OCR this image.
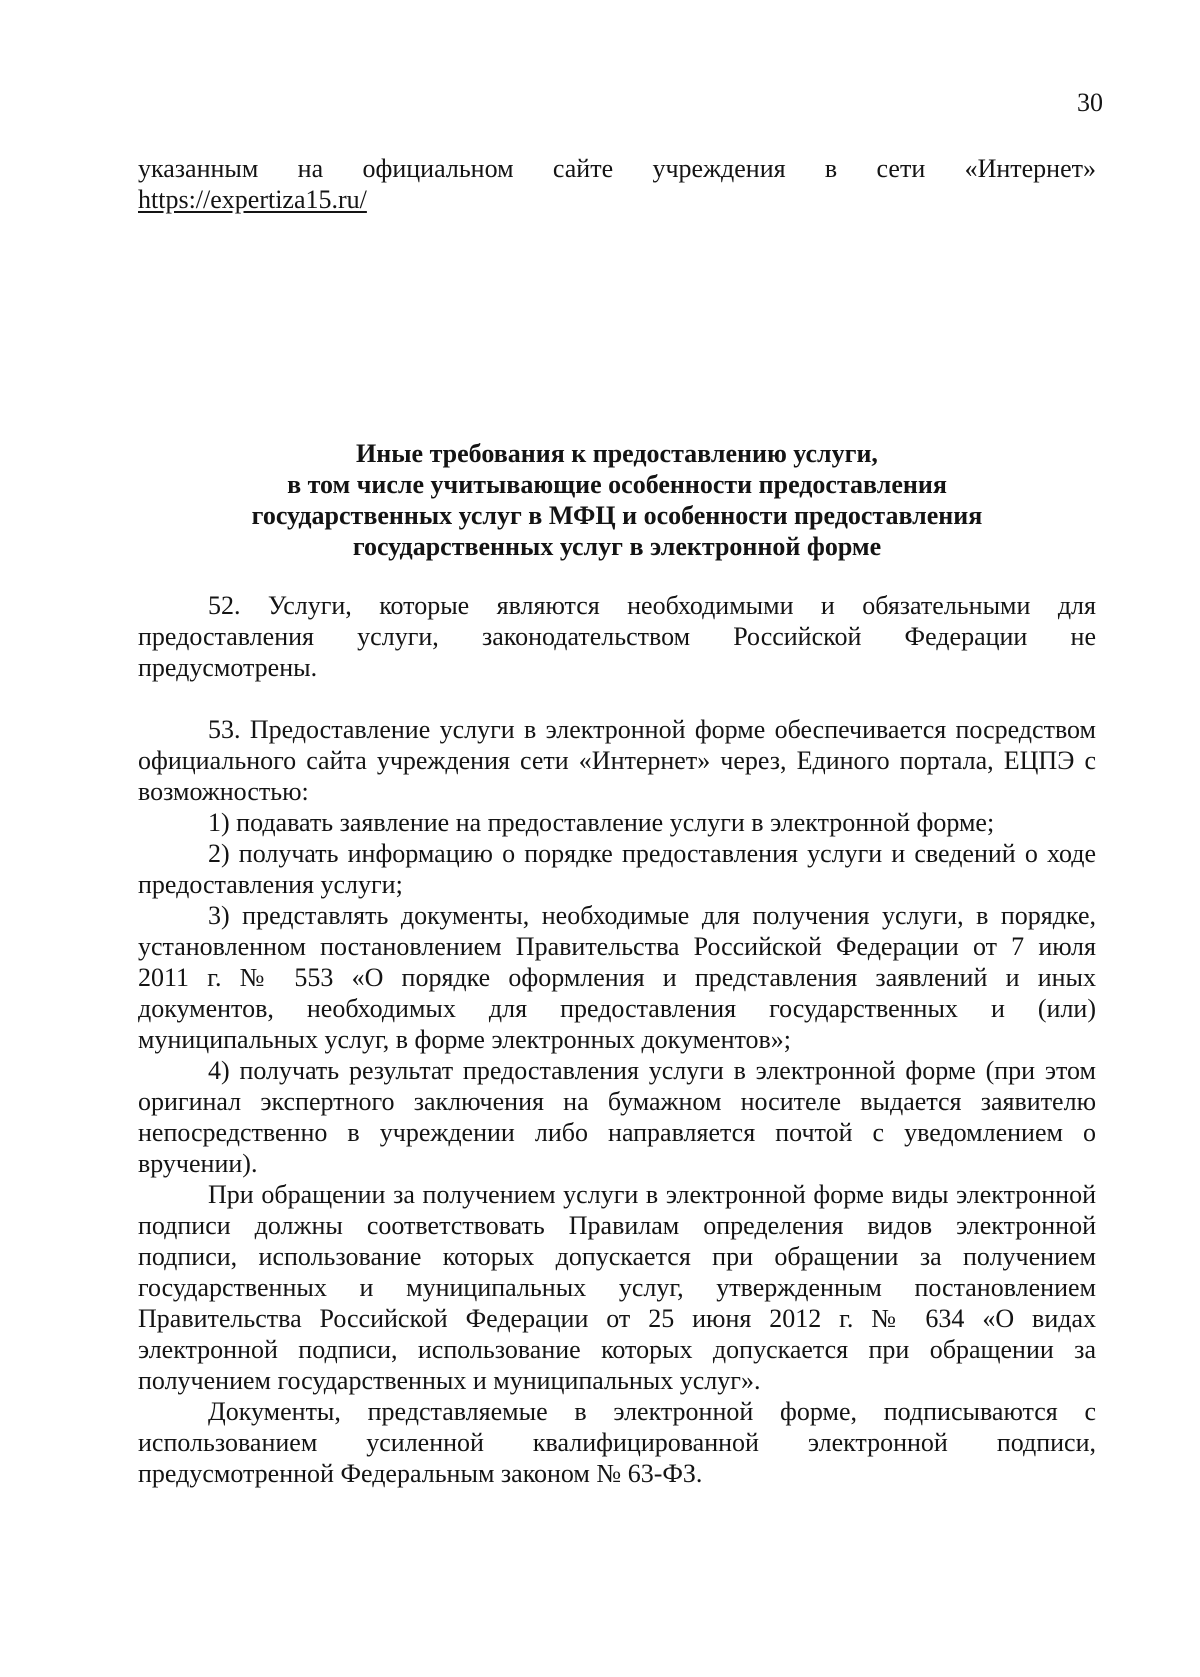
30
указанным на официальном сайте учреждения в сети «Интернет»
https://expertiza15.ru/
Иные требования к предоставлению услуги,
в том числе учитывающие особенности предоставления
государственных услуг в МФЦ и особенности предоставления
государственных услуг в электронной форме

52. Услуги, которые являются необходимыми и обязательными для предоставления услуги, законодательством Российской Федерации не предусмотрены.

53. Предоставление услуги в электронной форме обеспечивается посредством официального сайта учреждения сети «Интернет» через, Единого портала, ЕЦПЭ с возможностью:

1) подавать заявление на предоставление услуги в электронной форме;

2) получать информацию о порядке предоставления услуги и сведений о ходе предоставления услуги;

3) представлять документы, необходимые для получения услуги, в порядке, установленном постановлением Правительства Российской Федерации от 7 июля 2011 г. № 553 «О порядке оформления и представления заявлений и иных документов, необходимых для предоставления государственных и (или) муниципальных услуг, в форме электронных документов»;

4) получать результат предоставления услуги в электронной форме (при этом оригинал экспертного заключения на бумажном носителе выдается заявителю непосредственно в учреждении либо направляется почтой с уведомлением о вручении).

При обращении за получением услуги в электронной форме виды электронной подписи должны соответствовать Правилам определения видов электронной подписи, использование которых допускается при обращении за получением государственных и муниципальных услуг, утвержденным постановлением Правительства Российской Федерации от 25 июня 2012 г. № 634 «О видах электронной подписи, использование которых допускается при обращении за получением государственных и муниципальных услуг».

Документы, представляемые в электронной форме, подписываются с использованием усиленной квалифицированной электронной подписи, предусмотренной Федеральным законом № 63-ФЗ.
